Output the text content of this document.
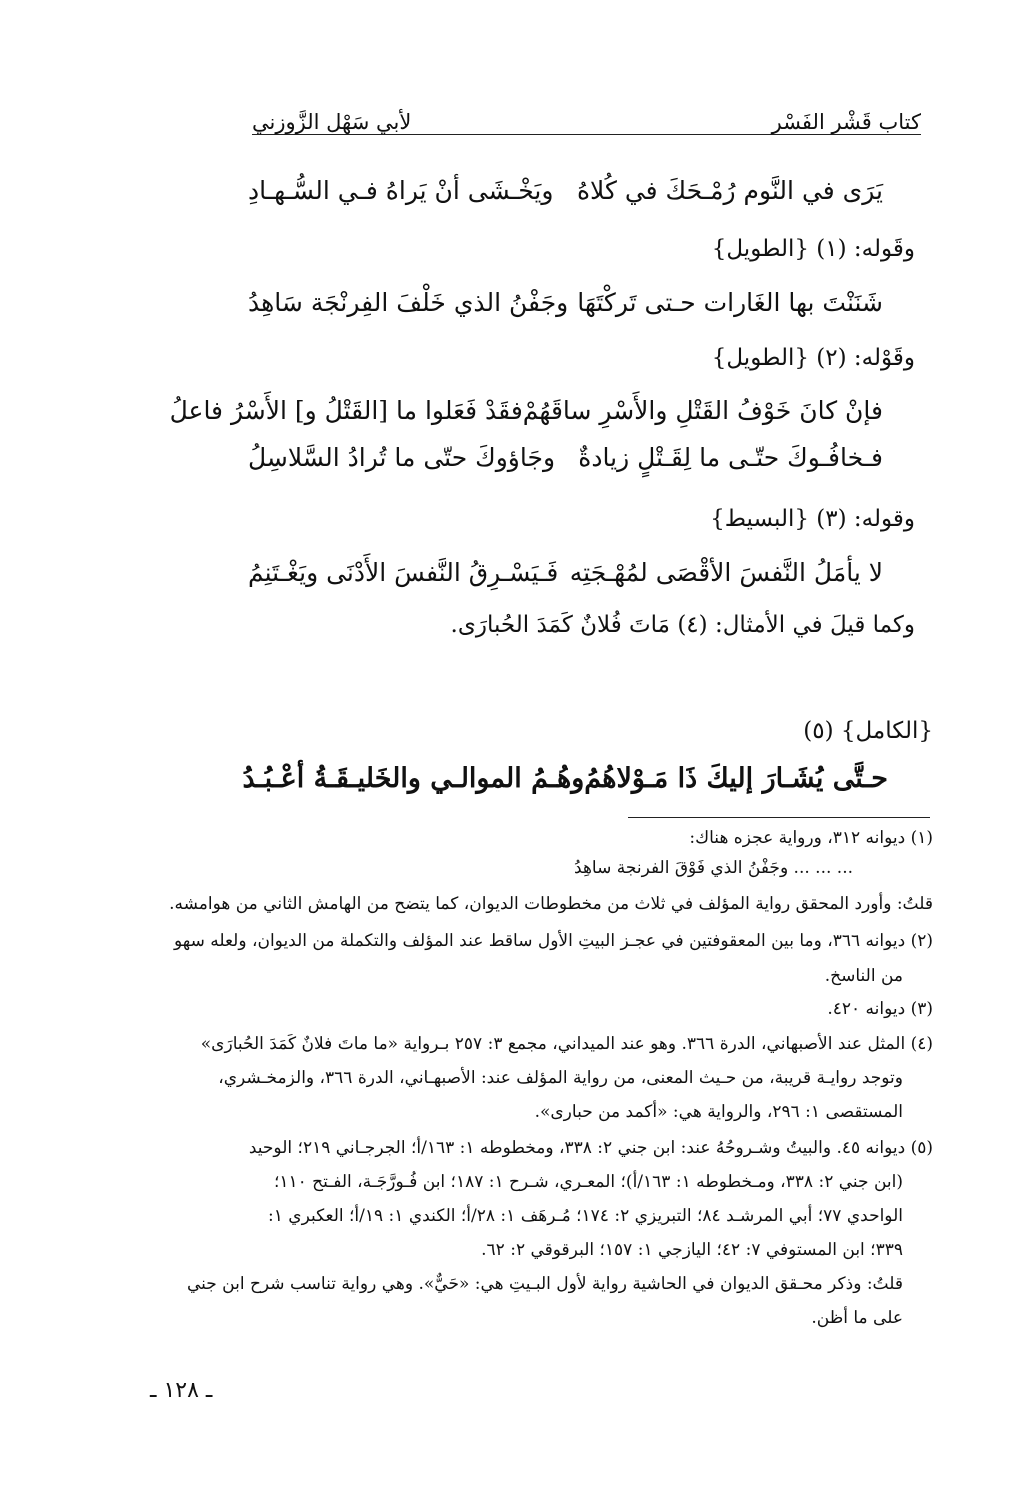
كتاب قَشْر الفَسْر
لأبي سَهْل الزَّوزني
يَرَى في النَّوم رُمْـحَكَ في كُلاهُ
ويَخْـشَى أنْ يَراهُ فـي السُّـهـادِ
وقَوله: (١) {الطويل}
شَنَنْتَ بها الغَارات حـتى تَركْتَهَا
وجَفْنُ الذي خَلْفَ الفِرنْجَة سَاهِدُ
وقَوْله: (٢) {الطويل}
فإنْ كانَ خَوْفُ القَتْلِ والأَسْرِ ساقَهُمْ
فقَدْ فَعَلوا ما [القَتْلُ و] الأَسْرُ فاعلُ
فـخافُـوكَ حتّـى ما لِقَـتْلٍ زيادةٌ
وجَاؤوكَ حتّى ما تُرادُ السَّلاسِلُ
وقوله: (٣) {البسيط}
لا يأمَلُ النَّفسَ الأقْصَى لمُهْـجَتِه
فَـيَسْـرِقُ النَّفسَ الأَدْنَى ويَغْـتَنِمُ
وكما قيلَ في الأمثال: (٤) مَاتَ فُلانٌ كَمَدَ الحُبارَى.
{الكامل} (٥)
حـتَّى يُشَـارَ إليكَ ذَا مَـوْلاهُمُ
وهُـمُ الموالـي والخَليـقَـةُ أعْـبُـدُ
(١) ديوانه ٣١٢، ورواية عجزه هناك:
... ... ... وجَفْنُ الذي فَوْقَ الفرنجة ساهِدُ
قلتُ: وأورد المحقق رواية المؤلف في ثلاث من مخطوطات الديوان، كما يتضح من الهامش الثاني من هوامشه.
(٢) ديوانه ٣٦٦، وما بين المعقوفتين في عجـز البيتِ الأول ساقط عند المؤلف والتكملة من الديوان، ولعله سهو
من الناسخ.
(٣) ديوانه ٤٢٠.
(٤) المثل عند الأصبهاني، الدرة ٣٦٦. وهو عند الميداني، مجمع ٣: ٢٥٧ بـرواية «ما ماتَ فلانٌ كَمَدَ الحُبارَى»
وتوجد روايـة قريبة، من حـيث المعنى، من رواية المؤلف عند: الأصبهـاني، الدرة ٣٦٦، والزمخـشري،
المستقصى ١: ٢٩٦، والرواية هي: «أكمد من حبارى».
(٥) ديوانه ٤٥. والبيتُ وشـروحُهُ عند: ابن جني ٢: ٣٣٨، ومخطوطه ١: ١٦٣/أ؛ الجرجـاني ٢١٩؛ الوحيد
(ابن جني ٢: ٣٣٨، ومـخطوطه ١: ١٦٣/أ)؛ المعـري، شـرح ١: ١٨٧؛ ابن فُـورَّجَـة، الفـتح ١١٠؛
الواحدي ٧٧؛ أبي المرشـد ٨٤؛ التبريزي ٢: ١٧٤؛ مُـرهَف ١: ٢٨/أ؛ الكندي ١: ١٩/أ؛ العكبري ١:
٣٣٩؛ ابن المستوفي ٧: ٤٢؛ اليازجي ١: ١٥٧؛ البرقوقي ٢: ٦٢.
قلتُ: وذكر محـقق الديوان في الحاشية رواية لأول البـيتِ هي: «حَيٌّ». وهي رواية تناسب شرح ابن جني
على ما أظن.
ـ ١٢٨ ـ
